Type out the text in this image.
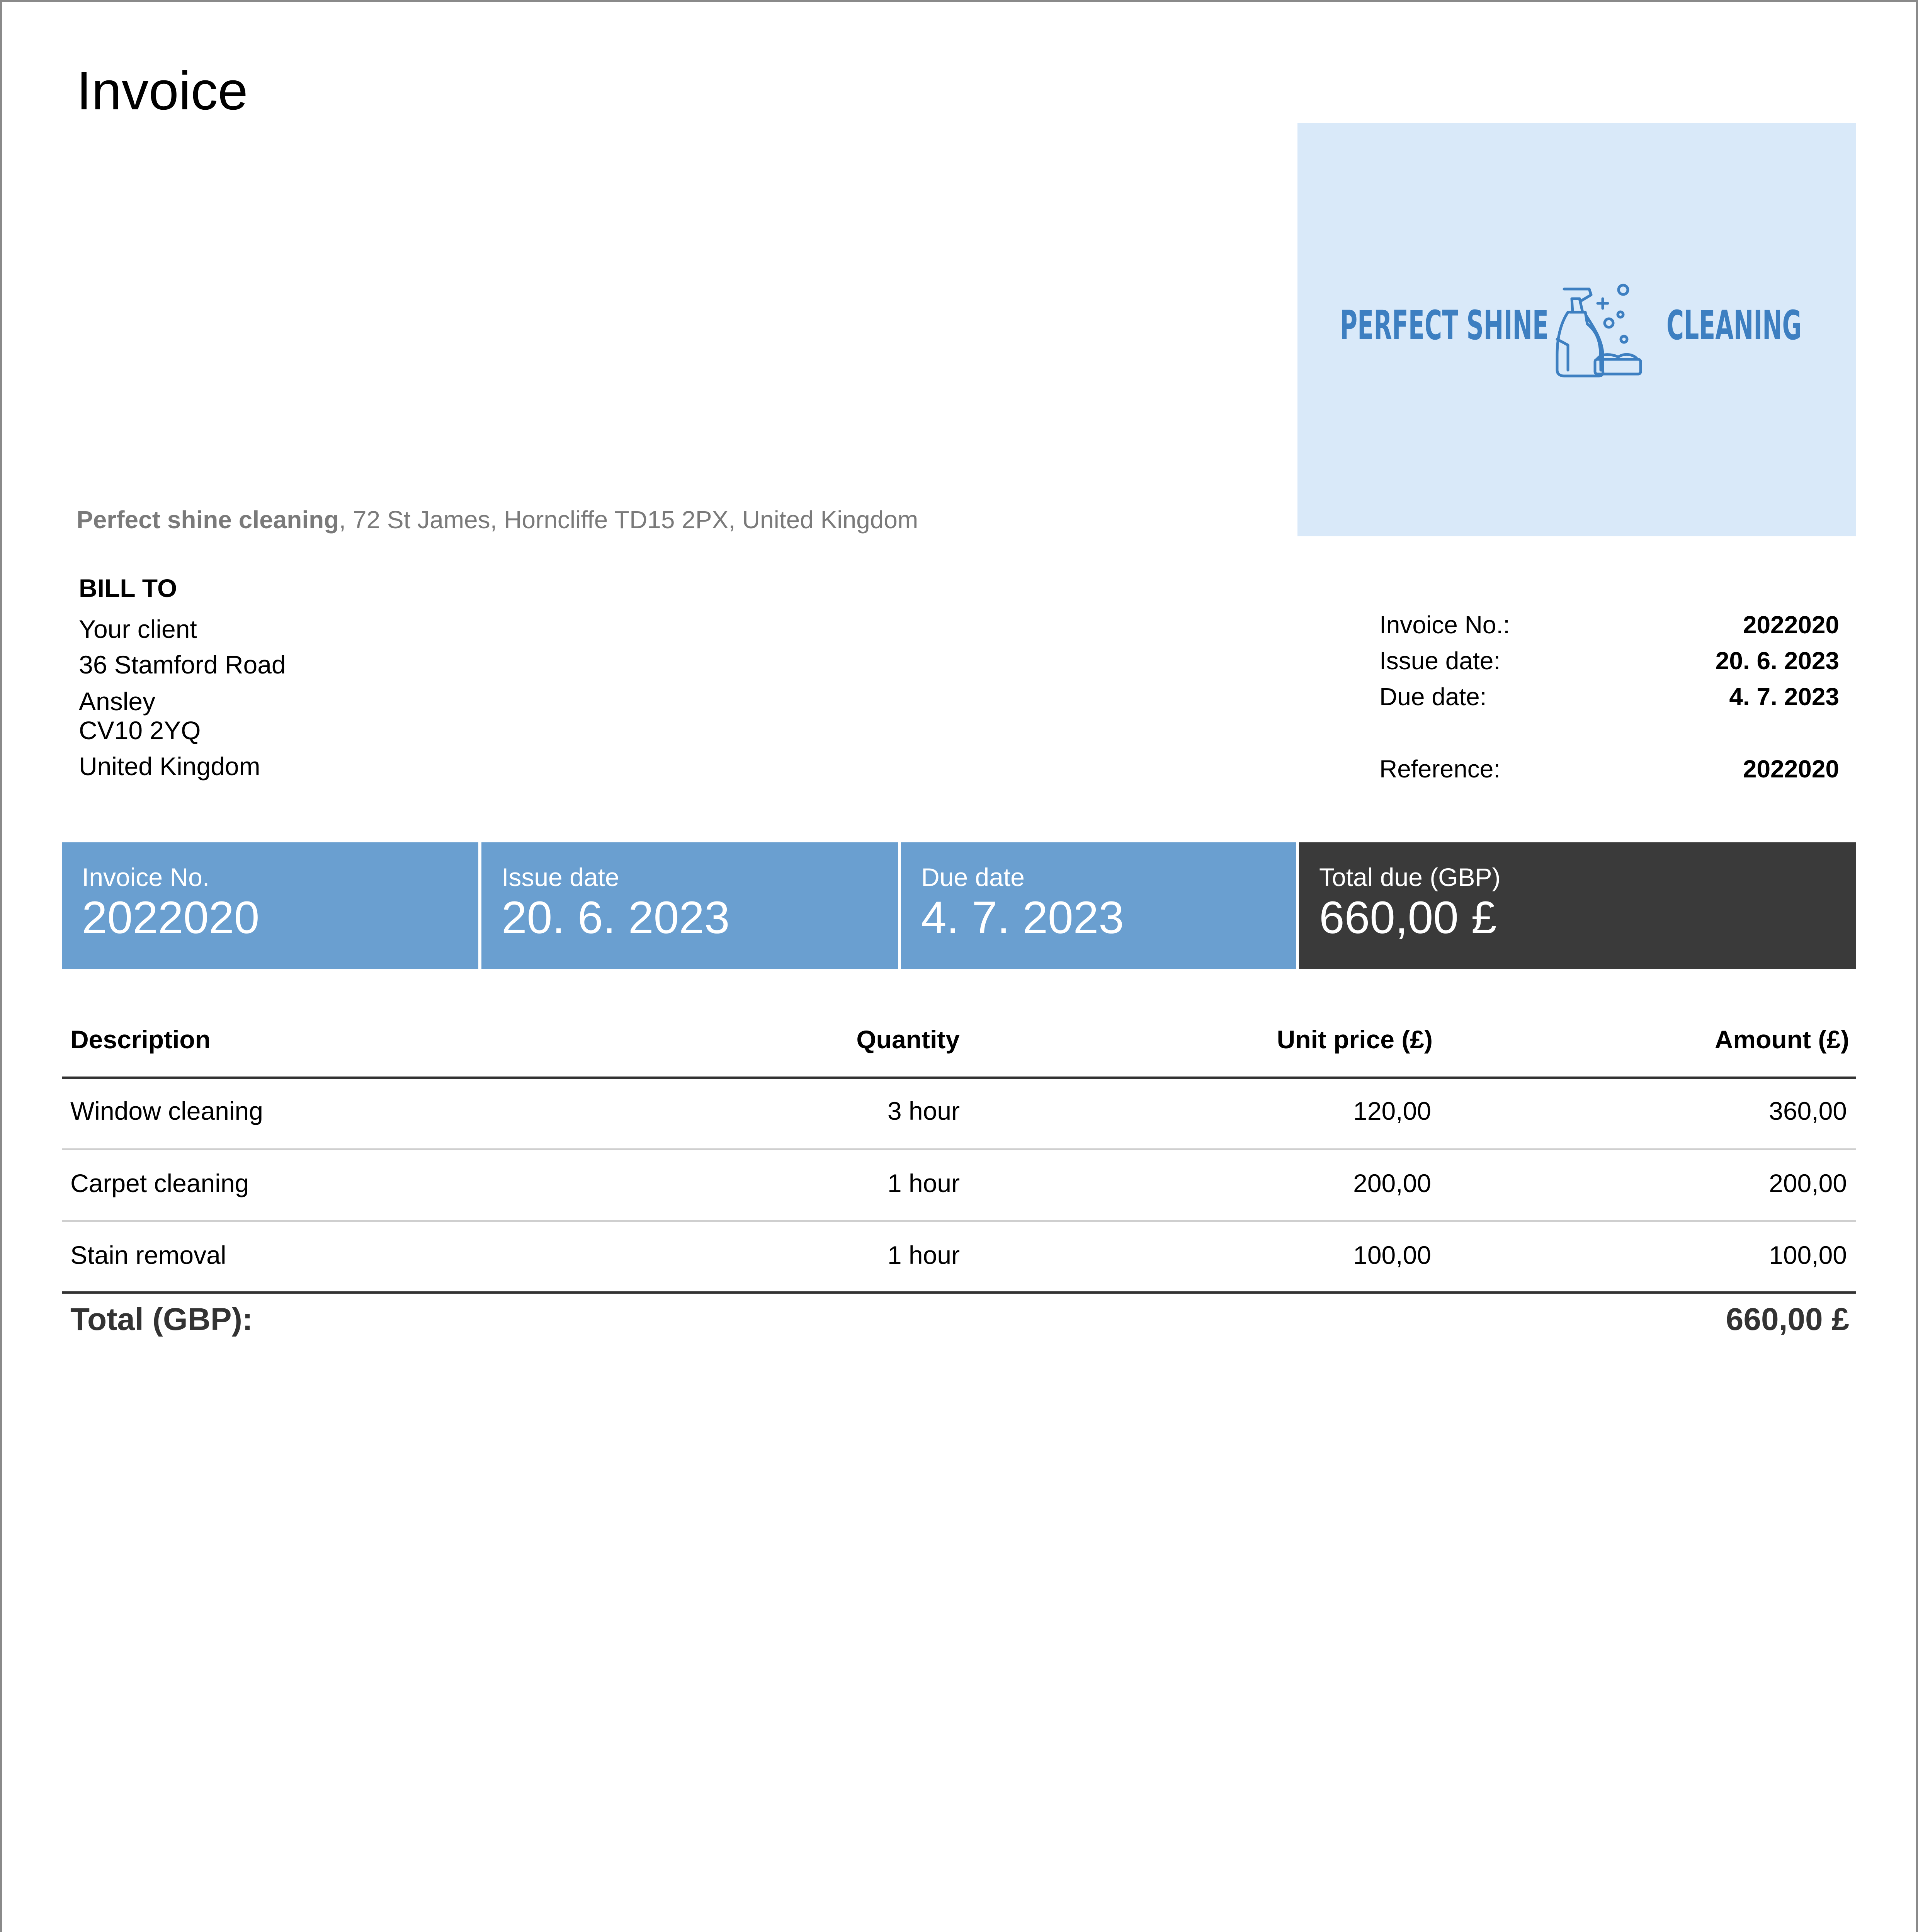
Invoice
PERFECT SHINE	CLEANING
Perfect shine cleaning, 72 St James, Horncliffe TD15 2PX, United Kingdom
BILL TO
Your client
36 Stamford Road
Ansley
CV10 2YQ
United Kingdom
Invoice No.:	2022020
Issue date:	20. 6. 2023
Due date:	4. 7. 2023
Reference:	2022020
Invoice No.
2022020
Issue date
20. 6. 2023
Due date
4. 7. 2023
Total due (GBP)
660,00 £
Description	Quantity	Unit price (£)	Amount (£)
Window cleaning	3 hour	120,00	360,00
Carpet cleaning	1 hour	200,00	200,00
Stain removal	1 hour	100,00	100,00
Total (GBP):	660,00 £
